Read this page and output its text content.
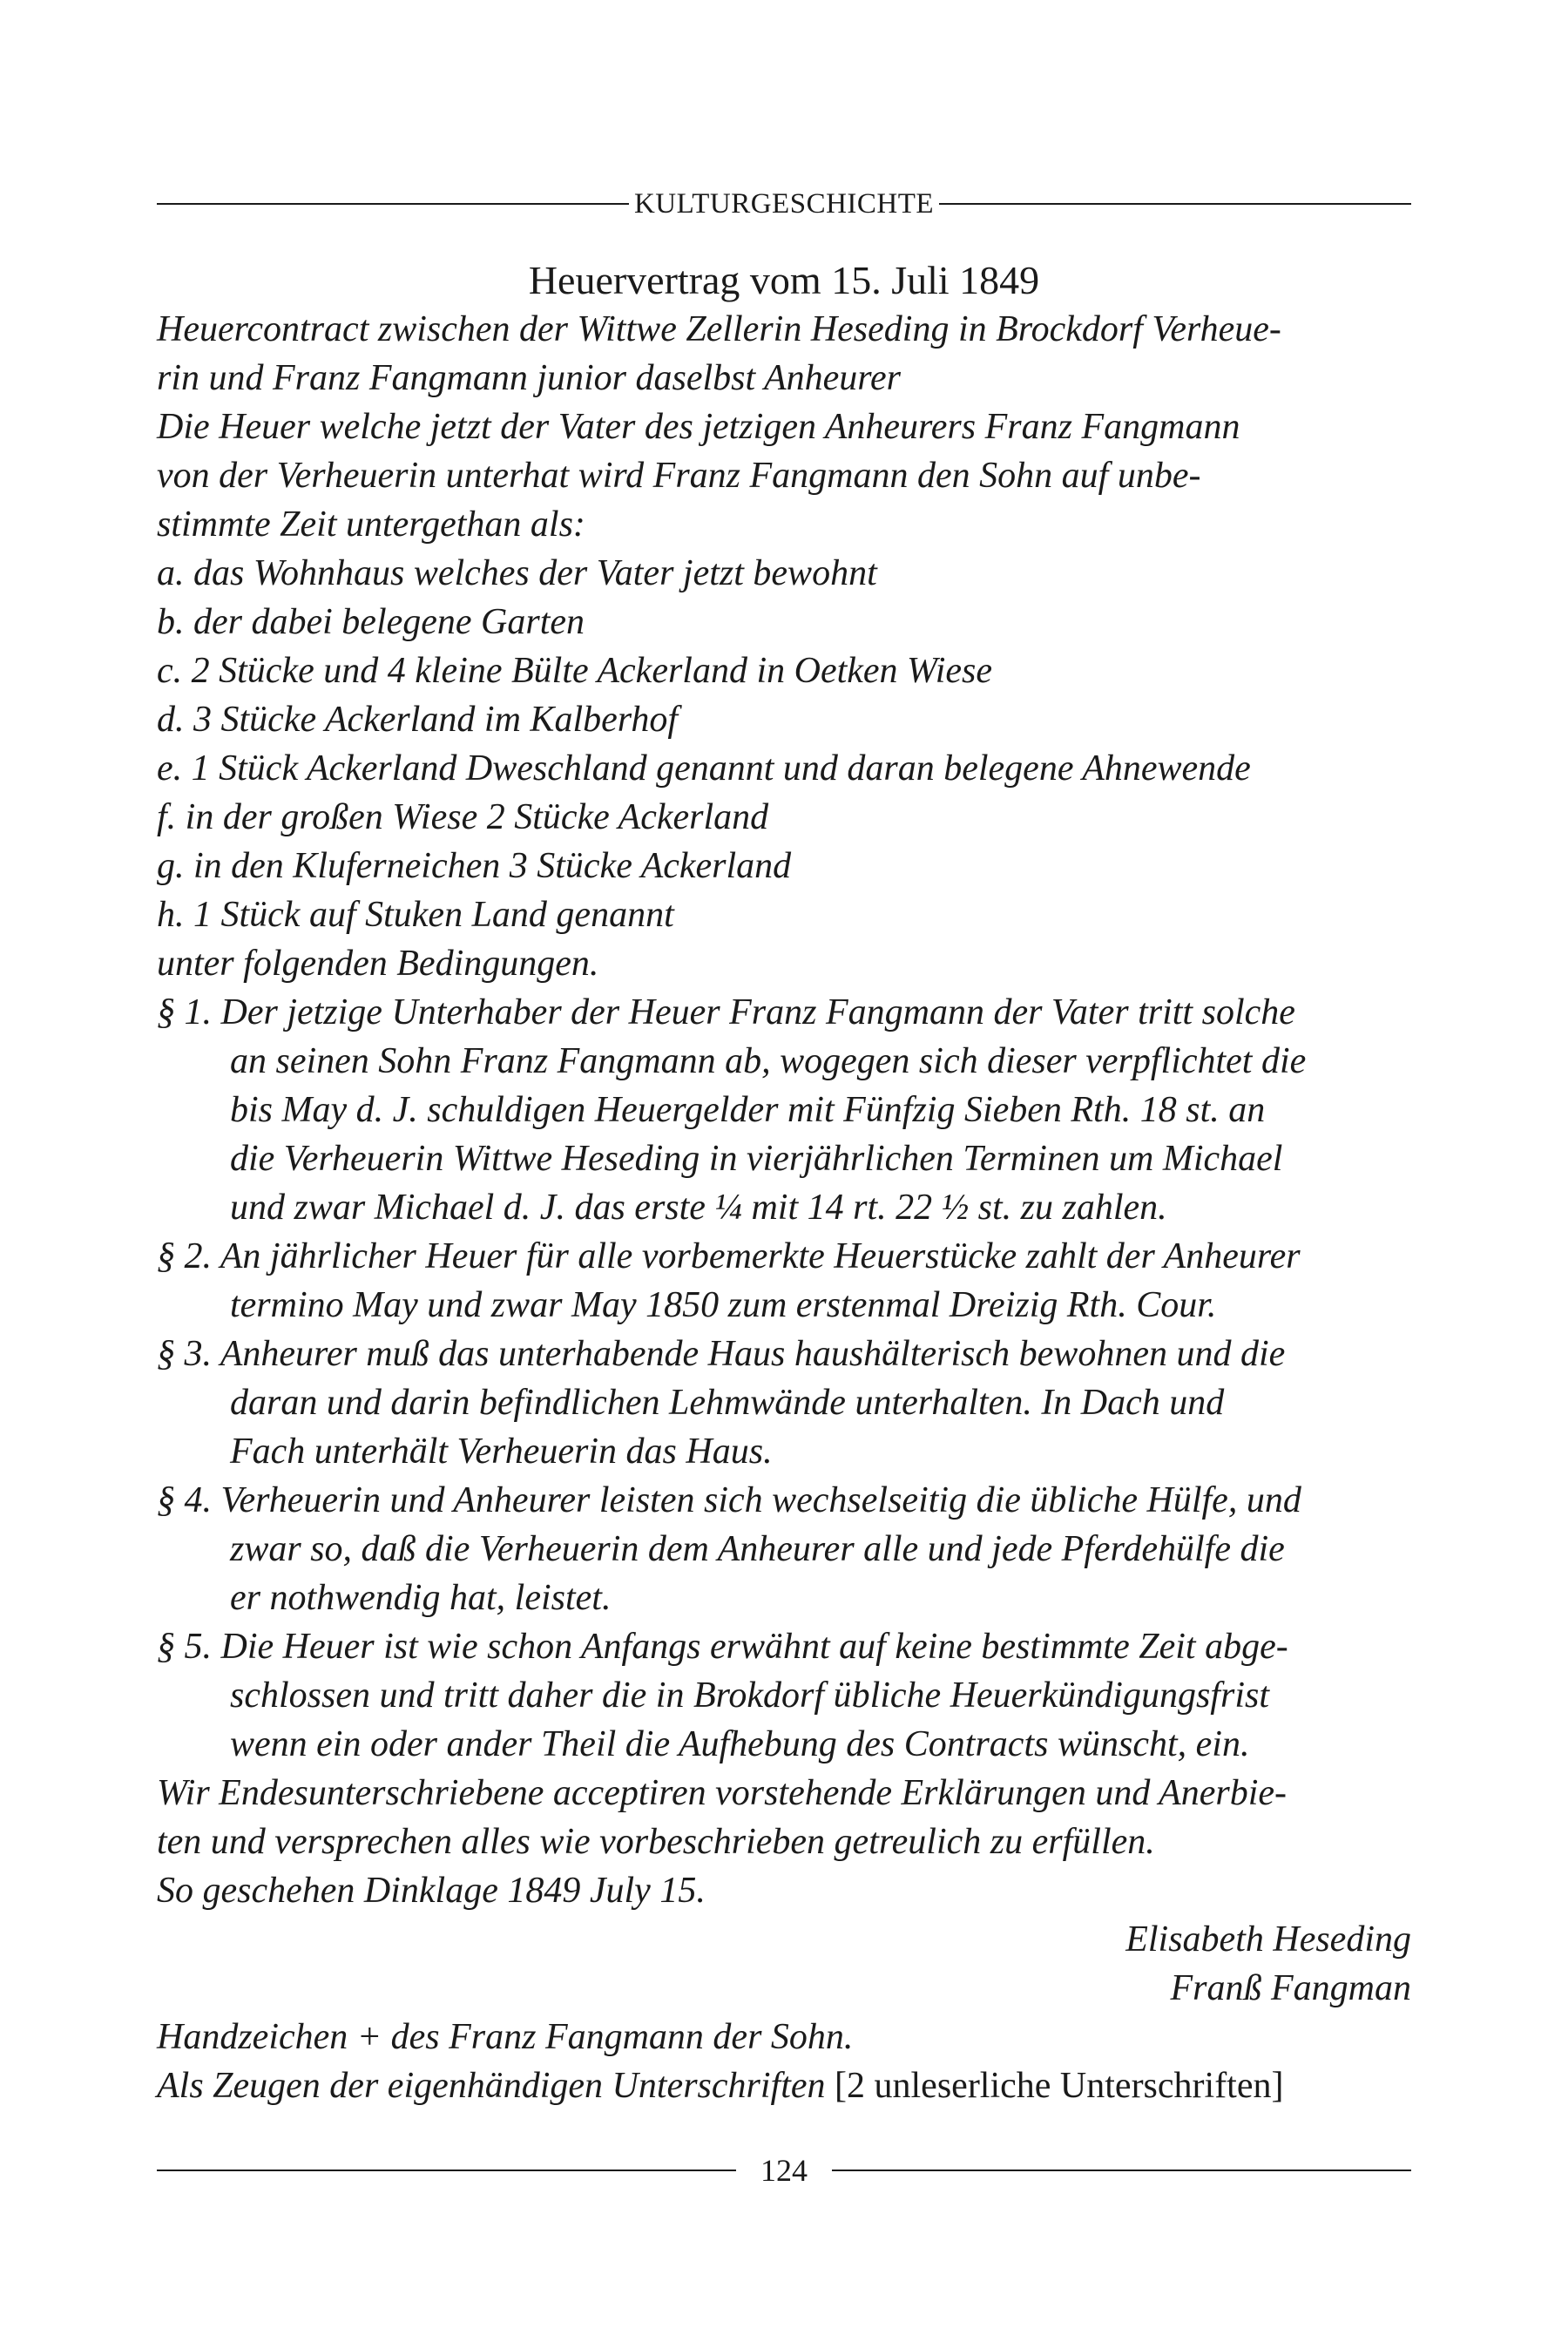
KULTURGESCHICHTE
Heuervertrag vom 15. Juli 1849
Heuercontract zwischen der Wittwe Zellerin Heseding in Brockdorf Verheue-
rin und Franz Fangmann junior daselbst Anheurer
Die Heuer welche jetzt der Vater des jetzigen Anheurers Franz Fangmann
von der Verheuerin unterhat wird Franz Fangmann den Sohn auf unbe-
stimmte Zeit untergethan als:
a. das Wohnhaus welches der Vater jetzt bewohnt
b. der dabei belegene Garten
c. 2 Stücke und 4 kleine Bülte Ackerland in Oetken Wiese
d. 3 Stücke Ackerland im Kalberhof
e. 1 Stück Ackerland Dweschland genannt und daran belegene Ahnewende
f. in der großen Wiese 2 Stücke Ackerland
g. in den Kluferneichen 3 Stücke Ackerland
h. 1 Stück auf Stuken Land genannt
unter folgenden Bedingungen.
§ 1. Der jetzige Unterhaber der Heuer Franz Fangmann der Vater tritt solche
an seinen Sohn Franz Fangmann ab, wogegen sich dieser verpflichtet die
bis May d. J. schuldigen Heuergelder mit Fünfzig Sieben Rth. 18 st. an
die Verheuerin Wittwe Heseding in vierjährlichen Terminen um Michael
und zwar Michael d. J. das erste ¼ mit 14 rt. 22 ½ st. zu zahlen.
§ 2. An jährlicher Heuer für alle vorbemerkte Heuerstücke zahlt der Anheurer
termino May und zwar May 1850 zum erstenmal Dreizig Rth. Cour.
§ 3. Anheurer muß das unterhabende Haus haushälterisch bewohnen und die
daran und darin befindlichen Lehmwände unterhalten. In Dach und
Fach unterhält Verheuerin das Haus.
§ 4. Verheuerin und Anheurer leisten sich wechselseitig die übliche Hülfe, und
zwar so, daß die Verheuerin dem Anheurer alle und jede Pferdehülfe die
er nothwendig hat, leistet.
§ 5. Die Heuer ist wie schon Anfangs erwähnt auf keine bestimmte Zeit abge-
schlossen und tritt daher die in Brokdorf übliche Heuerkündigungsfrist
wenn ein oder ander Theil die Aufhebung des Contracts wünscht, ein.
Wir Endesunterschriebene acceptiren vorstehende Erklärungen und Anerbie-
ten und versprechen alles wie vorbeschrieben getreulich zu erfüllen.
So geschehen Dinklage 1849 July 15.
Elisabeth Heseding
Franß Fangman
Handzeichen + des Franz Fangmann der Sohn.
Als Zeugen der eigenhändigen Unterschriften [2 unleserliche Unterschriften]
124
